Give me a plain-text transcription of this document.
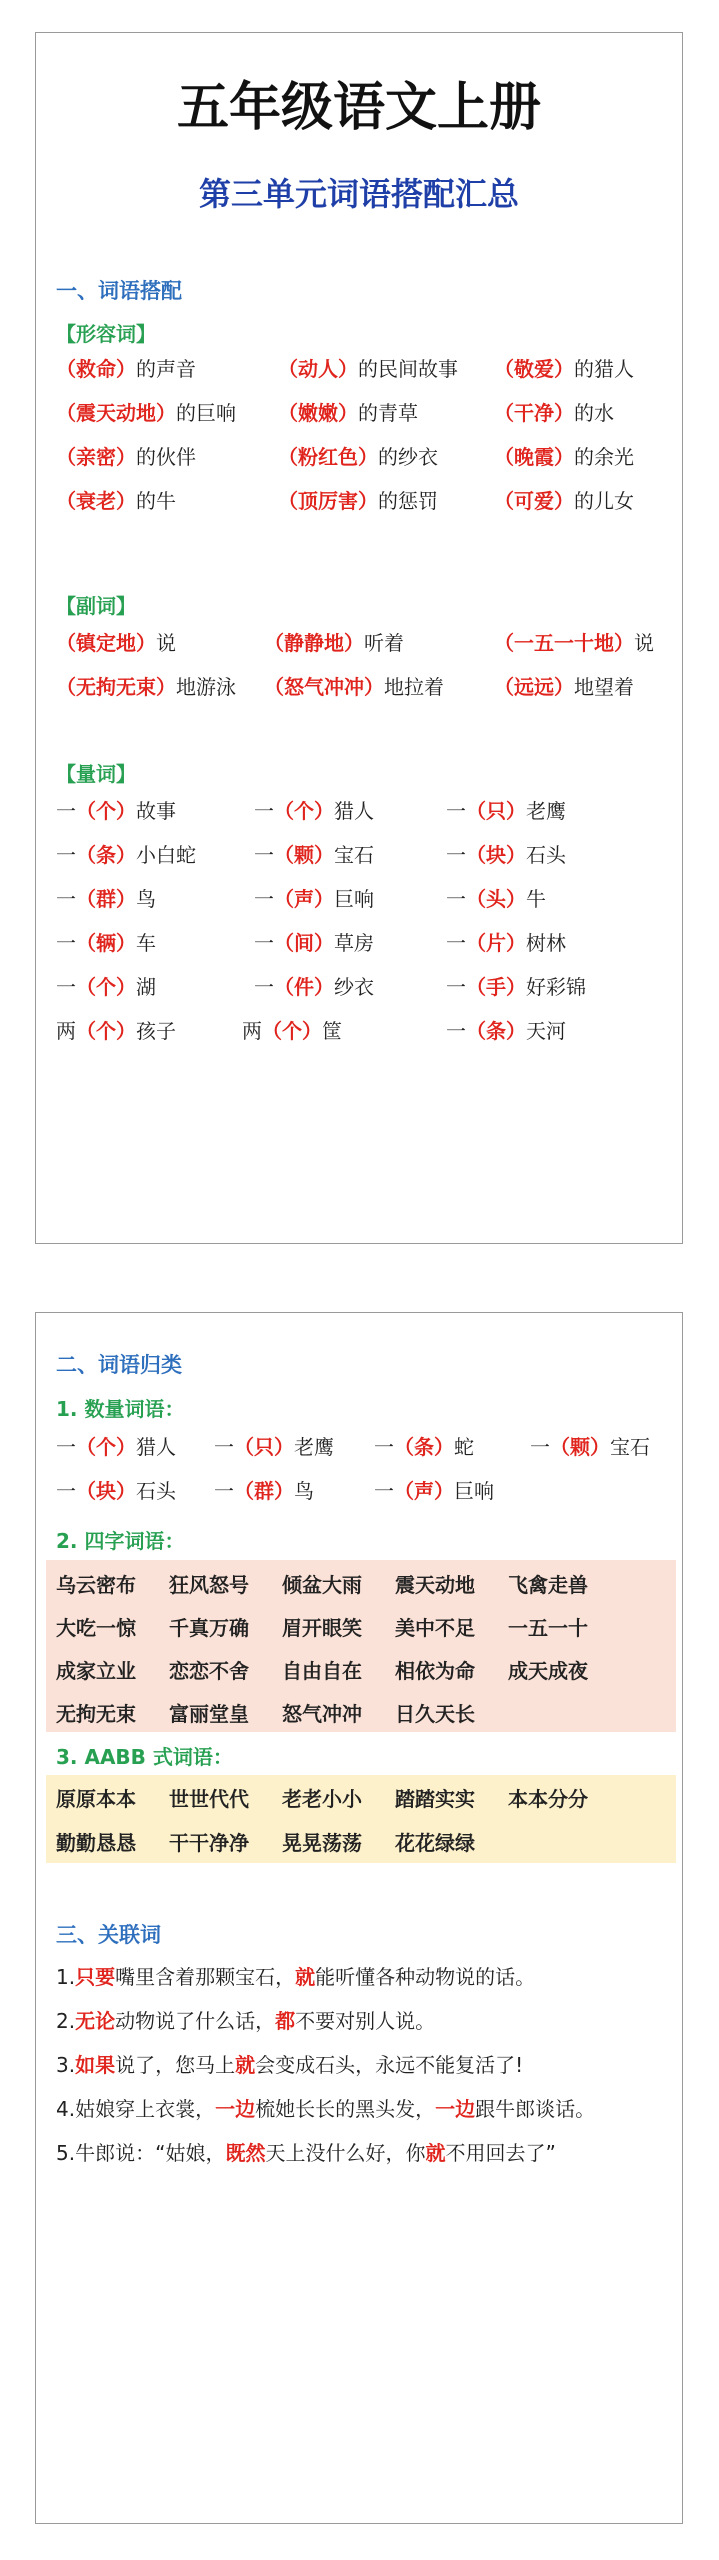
五年级语文上册
第三单元词语搭配汇总
一、词语搭配
【形容词】
（救命）的声音	（动人）的民间故事 （敬爱）的猎人
（震天动地）的巨响 （嫩嫩）的青草	（干净）的水
（亲密）的伙伴	（粉红色）的纱衣	（晚霞）的余光
（衰老）的牛	（顶厉害）的惩罚	（可爱）的儿女
【副词】
（镇定地）说	（静静地）听着	（一五一十地）说
（无拘无束）地游泳 （怒气冲冲）地拉着	（远远）地望着
【量词】
一（个）故事	一（个）猎人	一（只）老鹰
一（条）小白蛇	一（颗）宝石	一（块）石头
一（群）鸟	一（声）巨响	一（头）牛
一（辆）车	一（间）草房	一（片）树林
一（个）湖	一（件）纱衣	一（手）好彩锦
两（个）孩子	两（个）筐	一（条）天河
二、词语归类
1. 数量词语：
一（个）猎人 一（只）老鹰 一（条）蛇	一（颗）宝石
一（块）石头 一（群）鸟	一（声）巨响
2. 四字词语：
乌云密布 狂风怒号 倾盆大雨 震天动地 飞禽走兽
大吃一惊 千真万确 眉开眼笑 美中不足 一五一十
成家立业 恋恋不舍 自由自在 相依为命 成天成夜
无拘无束 富丽堂皇 怒气冲冲 日久天长
3. AABB 式词语：
原原本本 世世代代 老老小小 踏踏实实 本本分分
勤勤恳恳 干干净净 晃晃荡荡 花花绿绿
三、关联词
1.只要嘴里含着那颗宝石，就能听懂各种动物说的话。
2.无论动物说了什么话，都不要对别人说。
3.如果说了，您马上就会变成石头，永远不能复活了!
4.姑娘穿上衣裳，一边梳她长长的黑头发，一边跟牛郎谈话。
5.牛郎说：“姑娘，既然天上没什么好，你就不用回去了”
